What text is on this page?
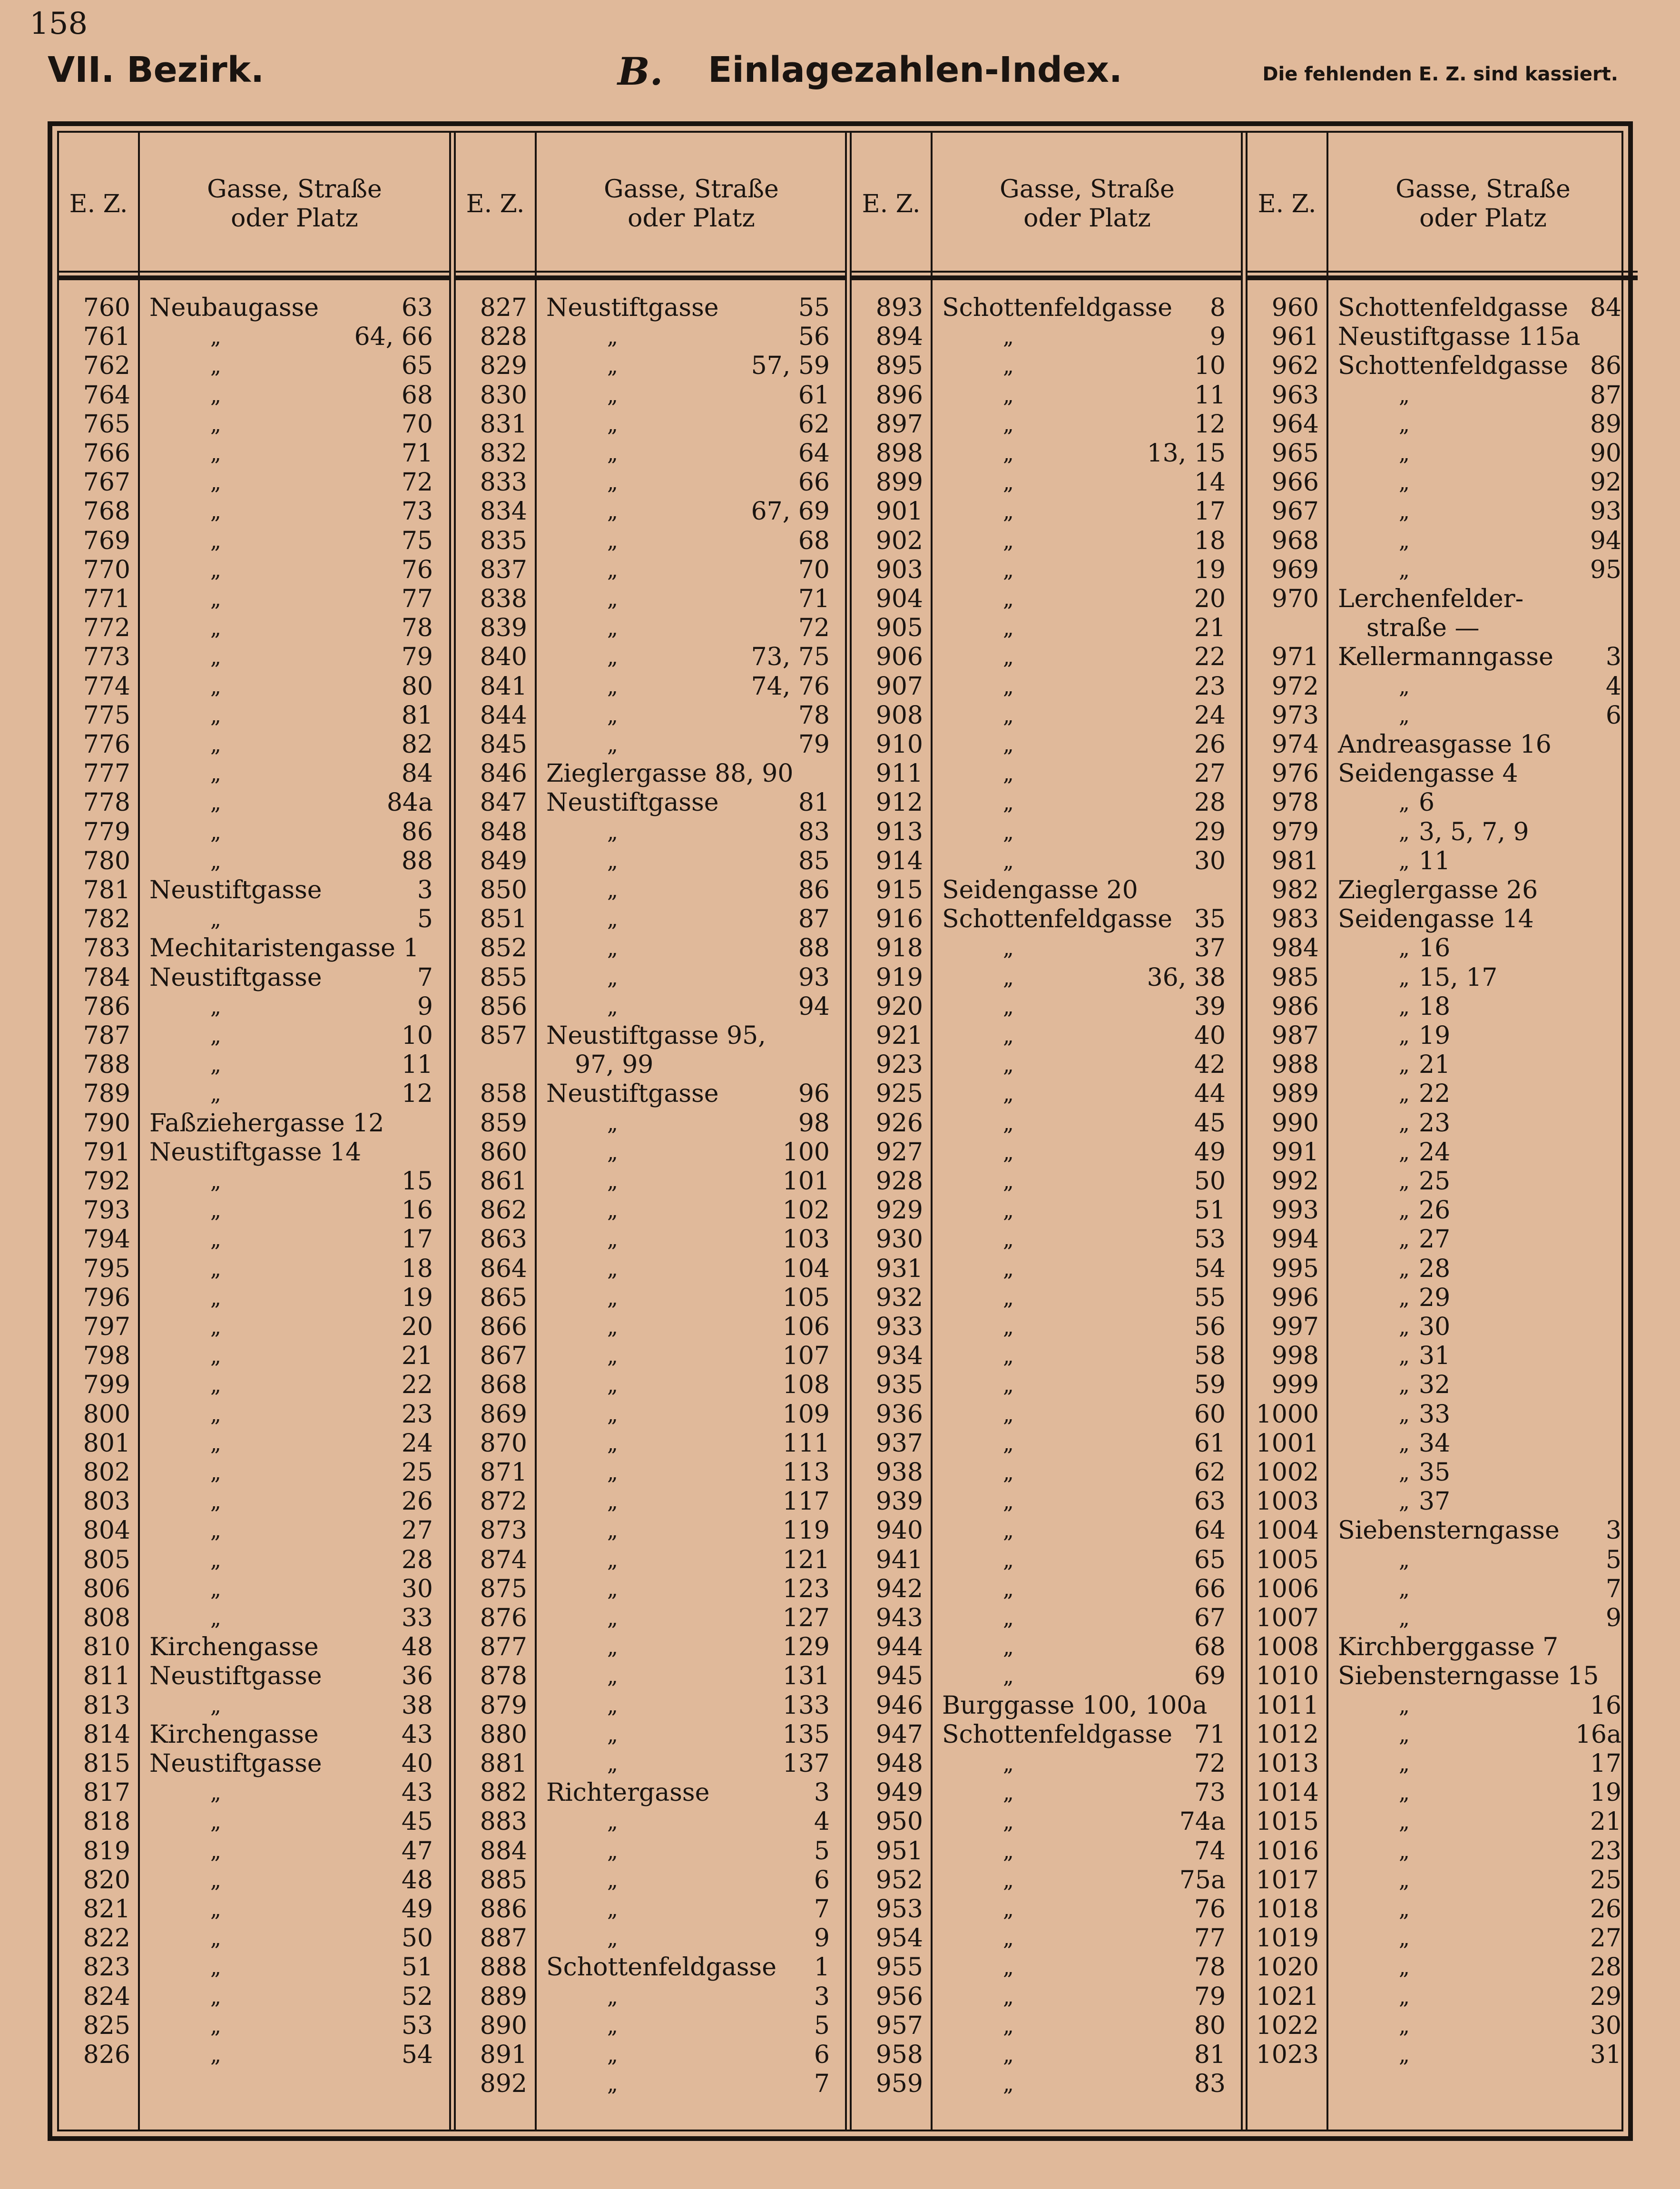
158
VII. Bezirk.	B. Einlagezahlen-Index.	Die fehlenden E. Z. sind kassiert.
E. Z.
Gasse, Straße
oder Platz
760 Neubaugasse	63
761	„	64, 66
762	„	65
764	„	68
765	„	70
766	„	71
767	„	72
768	„	73
769	„	75
770	„	76
771	„	77
772	„	78
773	„	79
774	„	80
775	„	81
776	„	82
777	„	84
778	„	84a
779	„	86
780	„	88
781 Neustiftgasse	3
782	„	5
783 Mechitaristengasse 1
784 Neustiftgasse	7
786	„	9
787	„	10
788	„	11
789	„	12
790 Faßziehergasse 12
791 Neustiftgasse 14
792	„	15
793	„	16
794	„	17
795	„	18
796	„	19
797	„	20
798	„	21
799	„	22
800	„	23
801	„	24
802	„	25
803	„	26
804	„	27
805	„	28
806	„	30
808	„	33
810 Kirchengasse	48
811 Neustiftgasse	36
813	„	38
814 Kirchengasse	43
815 Neustiftgasse	40
817	„	43
818	„	45
819	„	47
820	„	48
821	„	49
822	„	50
823	„	51
824	„	52
825	„	53
826	„	54
E. Z.
Gasse, Straße
oder Platz
827 Neustiftgasse	55
828	„	56
829	„	57, 59
830	„	61
831	„	62
832	„	64
833	„	66
834	„	67, 69
835	„	68
837	„	70
838	„	71
839	„	72
840	„	73, 75
841	„	74, 76
844	„	78
845	„	79
846 Zieglergasse 88, 90
847 Neustiftgasse	81
848	„	83
849	„	85
850	„	86
851	„	87
852	„	88
855	„	93
856	„	94
857 Neustiftgasse 95,
97, 99
858 Neustiftgasse	96
859	„	98
860	„	100
861	„	101
862	„	102
863	„	103
864	„	104
865	„	105
866	„	106
867	„	107
868	„	108
869	„	109
870	„	111
871	„	113
872	„	117
873	„	119
874	„	121
875	„	123
876	„	127
877	„	129
878	„	131
879	„	133
880	„	135
881	„	137
882 Richtergasse	3
883	„	4
884	„	5
885	„	6
886	„	7
887	„	9
888 Schottenfeldgasse 1
889	„	3
890	„	5
891	„	6
892	„	7
E. Z.
Gasse, Straße
oder Platz
893 Schottenfeldgasse 8
894	„	9
895	„	10
896	„	11
897	„	12
898	„	13, 15
899	„	14
901	„	17
902	„	18
903	„	19
904	„	20
905	„	21
906	„	22
907	„	23
908	„	24
910	„	26
911	„	27
912	„	28
913	„	29
914	„	30
915 Seidengasse 20
916 Schottenfeldgasse 35
918	„	37
919	„	36, 38
920	„	39
921	„	40
923	„	42
925	„	44
926	„	45
927	„	49
928	„	50
929	„	51
930	„	53
931	„	54
932	„	55
933	„	56
934	„	58
935	„	59
936	„	60
937	„	61
938	„	62
939	„	63
940	„	64
941	„	65
942	„	66
943	„	67
944	„	68
945	„	69
946 Burggasse 100, 100a
947 Schottenfeldgasse 71
948	„	72
949	„	73
950	„	74a
951	„	74
952	„	75a
953	„	76
954	„	77
955	„	78
956	„	79
957	„	80
958	„	81
959	„	83
E. Z.
Gasse, Straße
oder Platz
960 Schottenfeldgasse 84
961 Neustiftgasse 115a
962 Schottenfeldgasse 86
963	„	87
964	„	89
965	„	90
966	„	92
967	„	93
968	„	94
969	„	95
970 Lerchenfelder-
straße —
971 Kellermanngasse 3
972	„	4
973	„	6
974 Andreasgasse 16
976 Seidengasse 4
978	„ 6
979	„ 3, 5, 7, 9
981	„ 11
982 Zieglergasse 26
983 Seidengasse 14
984	„ 16
985	„ 15, 17
986	„ 18
987	„ 19
988	„ 21
989	„ 22
990	„ 23
991	„ 24
992	„ 25
993	„ 26
994	„ 27
995	„ 28
996	„ 29
997	„ 30
998	„ 31
999	„ 32
1000	„ 33
1001	„ 34
1002	„ 35
1003	„ 37
1004 Siebensterngasse 3
1005	„	5
1006	„	7
1007	„	9
1008 Kirchberggasse 7
1010 Siebensterngasse 15
1011	„	16
1012	„	16a
1013	„	17
1014	„	19
1015	„	21
1016	„	23
1017	„	25
1018	„	26
1019	„	27
1020	„	28
1021	„	29
1022	„	30
1023	„	31
